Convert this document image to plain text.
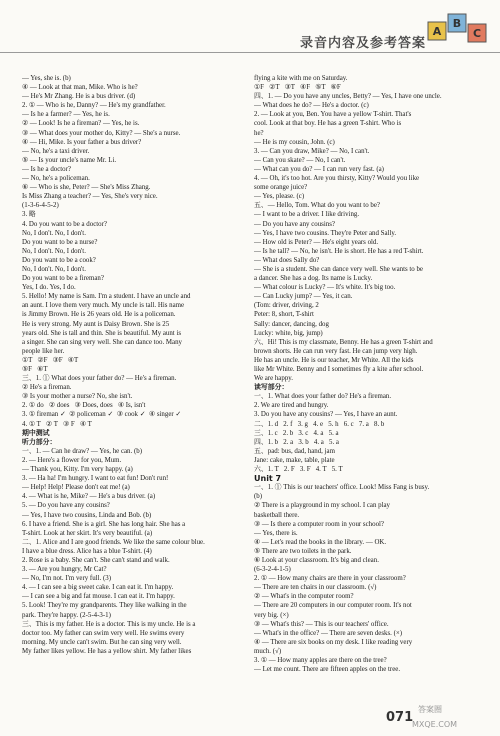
录音内容及参考答案
A
B
C
— Yes, she is. (b)
④ — Look at that man, Mike. Who is he?
— He's Mr Zhang. He is a bus driver. (d)
2. ① — Who is he, Danny? — He's my grandfather.
— Is he a farmer? — Yes, he is.
② — Look! Is he a fireman? — Yes, he is.
③ — What does your mother do, Kitty? — She's a nurse.
④ — Hi, Mike. Is your father a bus driver?
— No, he's a taxi driver.
⑤ — Is your uncle's name Mr. Li.
— Is he a doctor?
— No, he's a policeman.
⑥ — Who is she, Peter? — She's Miss Zhang.
Is Miss Zhang a teacher? — Yes, She's very nice.
(1-3-6-4-5-2)
3. 略
4. Do you want to be a doctor?
No, I don't. No, I don't.
Do you want to be a nurse?
No, I don't. No, I don't.
Do you want to be a cook?
No, I don't. No, I don't.
Do you want to be a fireman?
Yes, I do. Yes, I do.
5. Hello! My name is Sam. I'm a student. I have an uncle and
an aunt. I love them very much. My uncle is tall. His name
is Jimmy Brown. He is 26 years old. He is a policeman.
He is very strong. My aunt is Daisy Brown. She is 25
years old. She is tall and thin. She is beautiful. My aunt is
a singer. She can sing very well. She can dance too. Many
people like her.
①T   ②F   ③F   ④T
⑤F   ⑥T
三、1. ① What does your father do? — He's a fireman.
② He's a fireman.
③ Is your mother a nurse? No, she isn't.
2. ① do   ② does   ③ Does, does   ④ Is, isn't
3. ① fireman ✓  ② policeman ✓  ③ cook ✓  ④ singer ✓
4. ① T   ② T   ③ F   ④ T
期中测试
听力部分：
一、1. — Can he draw? — Yes, he can. (b)
2. — Here's a flower for you, Mum.
— Thank you, Kitty. I'm very happy. (a)
3. — Ha ha! I'm hungry. I want to eat fun! Don't run!
— Help! Help! Please don't eat me! (a)
4. — What is he, Mike? — He's a bus driver. (a)
5. — Do you have any cousins?
— Yes, I have two cousins, Linda and Bob. (b)
6. I have a friend. She is a girl. She has long hair. She has a
T-shirt. Look at her skirt. It's very beautiful. (a)
二、1. Alice and I are good friends. We like the same colour blue.
I have a blue dress. Alice has a blue T-shirt. (4)
2. Rose is a baby. She can't. She can't stand and walk.
3. — Are you hungry, Mr Cat?
— No, I'm not. I'm very full. (3)
4. — I can see a big sweet cake. I can eat it. I'm happy.
— I can see a big and fat mouse. I can eat it. I'm happy.
5. Look! They're my grandparents. They like walking in the
park. They're happy. (2-5-4-3-1)
三、This is my father. He is a doctor. This is my uncle. He is a
doctor too. My father can swim very well. He swims every
morning. My uncle can't swim. But he can sing very well.
My father likes yellow. He has a yellow shirt. My father likes
flying a kite with me on Saturday.
①F   ②T   ③T   ④F   ⑤T   ⑥F
四、1. — Do you have any uncles, Betty? — Yes, I have one uncle.
— What does he do? — He's a doctor. (c)
2. — Look at you, Ben. You have a yellow T-shirt. That's
cool. Look at that boy. He has a green T-shirt. Who is
he?
— He is my cousin, John. (c)
3. — Can you draw, Mike? — No, I can't.
— Can you skate? — No, I can't.
— What can you do? — I can run very fast. (a)
4. — Oh, it's too hot. Are you thirsty, Kitty? Would you like
some orange juice?
— Yes, please. (c)
五、— Hello, Tom. What do you want to be?
— I want to be a driver. I like driving.
— Do you have any cousins?
— Yes, I have two cousins. They're Peter and Sally.
— How old is Peter? — He's eight years old.
— Is he tall? — No, he isn't. He is short. He has a red T-shirt.
— What does Sally do?
— She is a student. She can dance very well. She wants to be
a dancer. She has a dog. Its name is Lucky.
— What colour is Lucky? — It's white. It's big too.
— Can Lucky jump? — Yes, it can.
(Tom: driver, driving, 2
Peter: 8, short, T-shirt
Sally: dancer, dancing, dog
Lucky: white, big, jump)
六、Hi! This is my classmate, Benny. He has a green T-shirt and
brown shorts. He can run very fast. He can jump very high.
He has an uncle. He is our teacher, Mr White. All the kids
like Mr White. Benny and I sometimes fly a kite after school.
We are happy.
读写部分：
一、1. What does your father do? He's a fireman.
2. We are tired and hungry.
3. Do you have any cousins? — Yes, I have an aunt.
二、1. d   2. f   3. g   4. e   5. h   6. c   7. a   8. b
三、1. c   2. b   3. c   4. a   5. a
四、1. b   2. a   3. b   4. a   5. a
五、pad: bus, dad, hand, jam
Jane: cake, make, table, plate
六、1. T   2. F   3. F   4. T   5. T
Unit 7
一、1. ① This is our teachers' office. Look! Miss Fang is busy.
(b)
② There is a playground in my school. I can play
basketball there.
③ — Is there a computer room in your school?
— Yes, there is.
④ — Let's read the books in the library. — OK.
⑤ There are two toilets in the park.
⑥ Look at your classroom. It's big and clean.
(6-3-2-4-1-5)
2. ① — How many chairs are there in your classroom?
— There are ten chairs in our classroom. (√)
② — What's in the computer room?
— There are 20 computers in our computer room. It's not
very big. (×)
③ — What's this? — This is our teachers' office.
— What's in the office? — There are seven desks. (×)
④ — There are six books on my desk. I like reading very
much. (√)
3. ① — How many apples are there on the tree?
— Let me count. There are fifteen apples on the tree.
071
答案圈
MXQE.COM
